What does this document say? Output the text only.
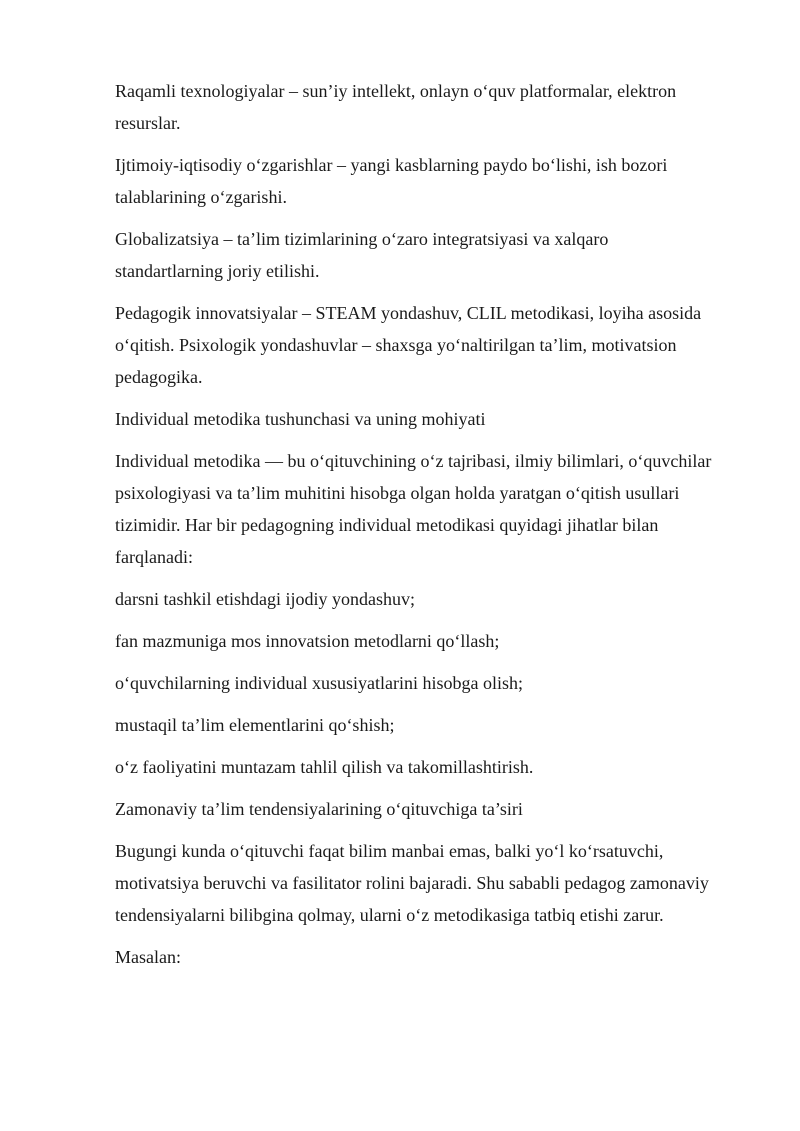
Raqamli texnologiyalar – sun’iy intellekt, onlayn o‘quv platformalar, elektron resurslar.

Ijtimoiy-iqtisodiy o‘zgarishlar – yangi kasblarning paydo bo‘lishi, ish bozori talablarining o‘zgarishi.

Globalizatsiya – ta’lim tizimlarining o‘zaro integratsiyasi va xalqaro standartlarning joriy etilishi.

Pedagogik innovatsiyalar – STEAM yondashuv, CLIL metodikasi, loyiha asosida o‘qitish. Psixologik yondashuvlar – shaxsga yo‘naltirilgan ta’lim, motivatsion pedagogika.

Individual metodika tushunchasi va uning mohiyati

Individual metodika — bu o‘qituvchining o‘z tajribasi, ilmiy bilimlari, o‘quvchilar psixologiyasi va ta’lim muhitini hisobga olgan holda yaratgan o‘qitish usullari tizimidir. Har bir pedagogning individual metodikasi quyidagi jihatlar bilan farqlanadi:

darsni tashkil etishdagi ijodiy yondashuv;

fan mazmuniga mos innovatsion metodlarni qo‘llash;

o‘quvchilarning individual xususiyatlarini hisobga olish;

mustaqil ta’lim elementlarini qo‘shish;

o‘z faoliyatini muntazam tahlil qilish va takomillashtirish.

Zamonaviy ta’lim tendensiyalarining o‘qituvchiga ta’siri

Bugungi kunda o‘qituvchi faqat bilim manbai emas, balki yo‘l ko‘rsatuvchi, motivatsiya beruvchi va fasilitator rolini bajaradi. Shu sababli pedagog zamonaviy tendensiyalarni bilibgina qolmay, ularni o‘z metodikasiga tatbiq etishi zarur.

Masalan:
